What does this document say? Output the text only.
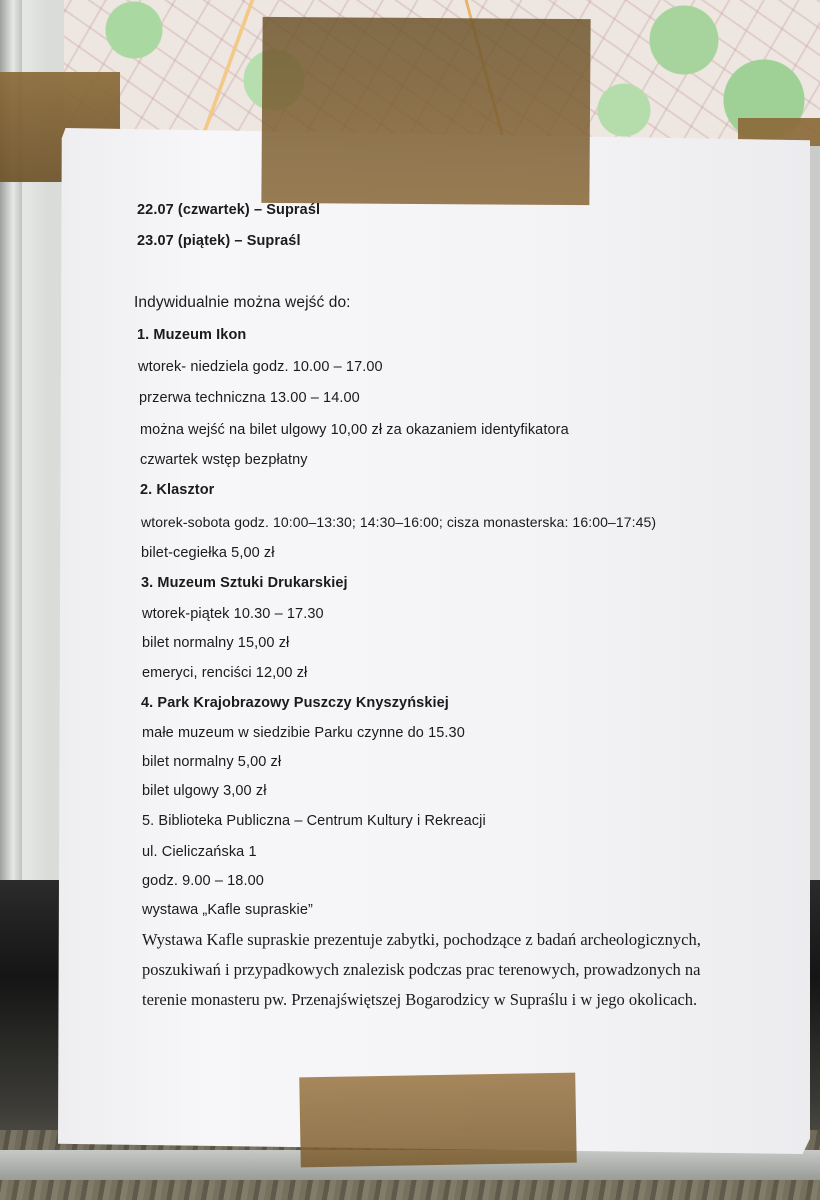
22.07 (czwartek) – Supraśl
23.07 (piątek) – Supraśl
Indywidualnie można wejść do:
1. Muzeum Ikon
wtorek- niedziela godz. 10.00 – 17.00
przerwa techniczna 13.00 – 14.00
można wejść na bilet ulgowy 10,00 zł za okazaniem identyfikatora
czwartek wstęp bezpłatny
2. Klasztor
wtorek-sobota godz. 10:00–13:30; 14:30–16:00; cisza monasterska: 16:00–17:45)
bilet-cegiełka 5,00 zł
3. Muzeum Sztuki Drukarskiej
wtorek-piątek 10.30 – 17.30
bilet normalny 15,00 zł
emeryci, renciści 12,00 zł
4. Park Krajobrazowy Puszczy Knyszyńskiej
małe muzeum w siedzibie Parku czynne do 15.30
bilet normalny 5,00 zł
bilet ulgowy 3,00 zł
5. Biblioteka Publiczna – Centrum Kultury i Rekreacji
ul. Cieliczańska 1
godz. 9.00 – 18.00
wystawa „Kafle supraskie”
Wystawa Kafle supraskie prezentuje zabytki, pochodzące z badań archeologicznych,
poszukiwań i przypadkowych znalezisk podczas prac terenowych, prowadzonych na
terenie monasteru pw. Przenajświętszej Bogarodzicy w Supraślu i w jego okolicach.
